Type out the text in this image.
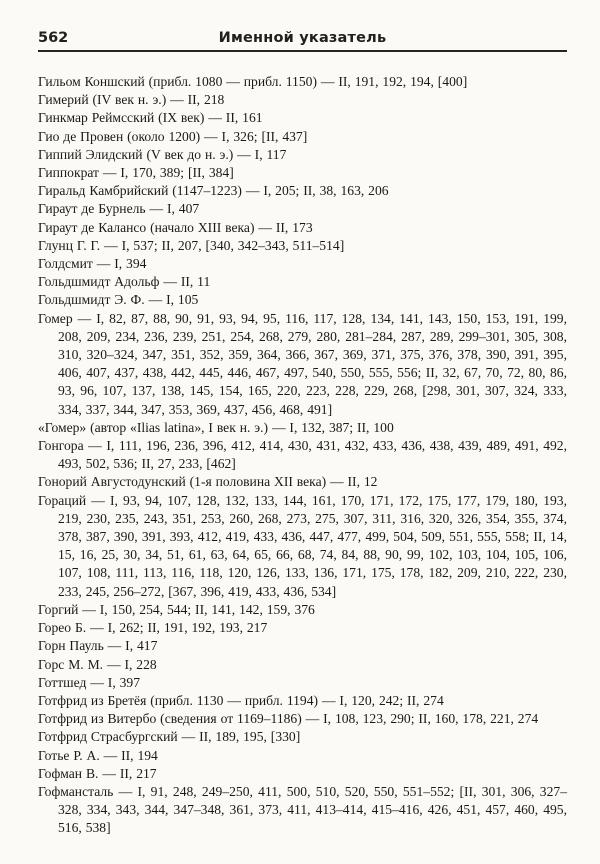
562	Именной указатель

Гильом Коншский (прибл. 1080 — прибл. 1150) — II, 191, 192, 194, [400]

Гимерий (IV век н. э.) — II, 218

Гинкмар Реймсский (IX век) — II, 161

Гио де Провен (около 1200) — I, 326; [II, 437]

Гиппий Элидский (V век до н. э.) — I, 117

Гиппократ — I, 170, 389; [II, 384]

Гиральд Камбрийский (1147–1223) — I, 205; II, 38, 163, 206

Гираут де Бурнель — I, 407

Гираут де Калансо (начало XIII века) — II, 173

Глунц Г. Г. — I, 537; II, 207, [340, 342–343, 511–514]

Голдсмит — I, 394

Гольдшмидт Адольф — II, 11

Гольдшмидт Э. Ф. — I, 105

Гомер — I, 82, 87, 88, 90, 91, 93, 94, 95, 116, 117, 128, 134, 141, 143, 150, 153, 191, 199, 208, 209, 234, 236, 239, 251, 254, 268, 279, 280, 281–284, 287, 289, 299–301, 305, 308, 310, 320–324, 347, 351, 352, 359, 364, 366, 367, 369, 371, 375, 376, 378, 390, 391, 395, 406, 407, 437, 438, 442, 445, 446, 467, 497, 540, 550, 555, 556; II, 32, 67, 70, 72, 80, 86, 93, 96, 107, 137, 138, 145, 154, 165, 220, 223, 228, 229, 268, [298, 301, 307, 324, 333, 334, 337, 344, 347, 353, 369, 437, 456, 468, 491]

«Гомер» (автор «Ilias latina», I век н. э.) — I, 132, 387; II, 100

Гонгора — I, 111, 196, 236, 396, 412, 414, 430, 431, 432, 433, 436, 438, 439, 489, 491, 492, 493, 502, 536; II, 27, 233, [462]

Гонорий Августодунский (1-я половина XII века) — II, 12

Гораций — I, 93, 94, 107, 128, 132, 133, 144, 161, 170, 171, 172, 175, 177, 179, 180, 193, 219, 230, 235, 243, 351, 253, 260, 268, 273, 275, 307, 311, 316, 320, 326, 354, 355, 374, 378, 387, 390, 391, 393, 412, 419, 433, 436, 447, 477, 499, 504, 509, 551, 555, 558; II, 14, 15, 16, 25, 30, 34, 51, 61, 63, 64, 65, 66, 68, 74, 84, 88, 90, 99, 102, 103, 104, 105, 106, 107, 108, 111, 113, 116, 118, 120, 126, 133, 136, 171, 175, 178, 182, 209, 210, 222, 230, 233, 245, 256–272, [367, 396, 419, 433, 436, 534]

Горгий — I, 150, 254, 544; II, 141, 142, 159, 376

Горео Б. — I, 262; II, 191, 192, 193, 217

Горн Пауль — I, 417

Горс М. М. — I, 228

Готтшед — I, 397

Готфрид из Бретёя (прибл. 1130 — прибл. 1194) — I, 120, 242; II, 274

Готфрид из Витербо (сведения от 1169–1186) — I, 108, 123, 290; II, 160, 178, 221, 274

Готфрид Страсбургский — II, 189, 195, [330]

Готье Р. А. — II, 194

Гофман В. — II, 217

Гофмансталь — I, 91, 248, 249–250, 411, 500, 510, 520, 550, 551–552; [II, 301, 306, 327–328, 334, 343, 344, 347–348, 361, 373, 411, 413–414, 415–416, 426, 451, 457, 460, 495, 516, 538]
